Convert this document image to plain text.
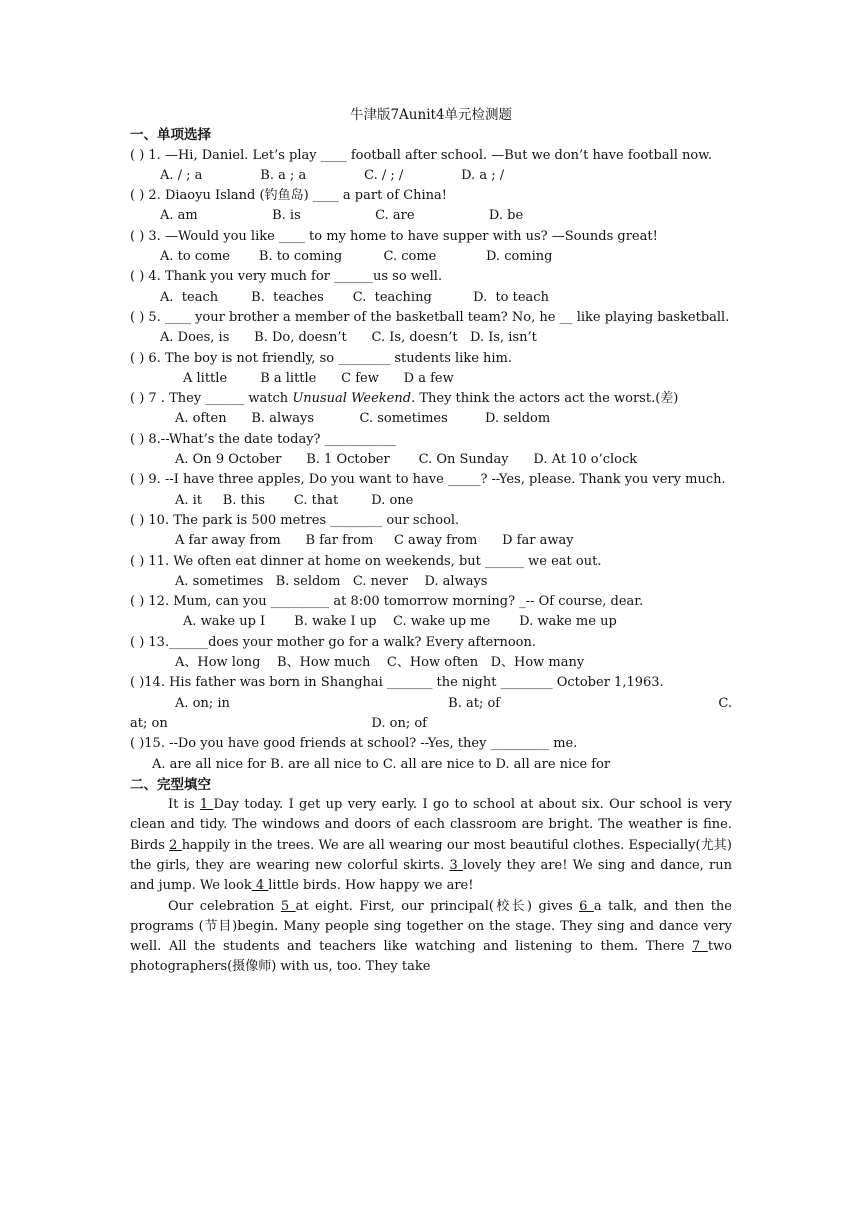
牛津版7Aunit4单元检测题
一、单项选择
( ) 1. —Hi, Daniel. Let’s play ____ football after school. —But we don’t have football now.
A. / ; a              B. a ; a              C. / ; /              D. a ; /
( ) 2. Diaoyu Island (钓鱼岛) ____ a part of China!
A. am                  B. is                  C. are                  D. be
( ) 3. —Would you like ____ to my home to have supper with us? —Sounds great!
A. to come       B. to coming          C. come            D. coming
( ) 4. Thank you very much for ______us so well.
A.  teach        B.  teaches       C.  teaching          D.  to teach
( ) 5. ____ your brother a member of the basketball team? No, he __ like playing basketball.
A. Does, is      B. Do, doesn’t      C. Is, doesn’t   D. Is, isn’t
( ) 6. The boy is not friendly, so ________ students like him.
A little        B a little      C few      D a few
( ) 7 . They ______ watch Unusual Weekend. They think the actors act the worst.(差)
A. often      B. always           C. sometimes         D. seldom
( ) 8.--What’s the date today? ___________
A. On 9 October      B. 1 October       C. On Sunday      D. At 10 o’clock
( ) 9. --I have three apples, Do you want to have _____? --Yes, please. Thank you very much.
A. it     B. this       C. that        D. one
( ) 10. The park is 500 metres ________ our school.
A far away from      B far from     C away from      D far away
( ) 11. We often eat dinner at home on weekends, but ______ we eat out.
A. sometimes   B. seldom   C. never    D. always
( ) 12. Mum, can you _________ at 8:00 tomorrow morning? _-- Of course, dear.
A. wake up I       B. wake I up    C. wake up me       D. wake me up
( ) 13.______does your mother go for a walk? Every afternoon.
A、How long    B、How much    C、How often   D、How many
( )14. His father was born in Shanghai _______ the night ________ October 1,1963.
A. on; in	B. at; of	C.
at; on	D. on; of
( )15. --Do you have good friends at school? --Yes, they _________ me.
A. are all nice for B. are all nice to C. all are nice to D. all are nice for
二、完型填空
It is 1 Day today. I get up very early. I go to school at about six. Our school is very clean and tidy. The windows and doors of each classroom are bright. The weather is fine. Birds 2 happily in the trees. We are all wearing our most beautiful clothes. Especially(尤其) the girls, they are wearing new colorful skirts. 3 lovely they are! We sing and dance, run and jump. We look 4 little birds. How happy we are!
Our celebration 5 at eight. First, our principal(校长) gives 6 a talk, and then the programs (节目)begin. Many people sing together on the stage. They sing and dance very well. All the students and teachers like watching and listening to them. There 7 two photographers(摄像师) with us, too. They take
